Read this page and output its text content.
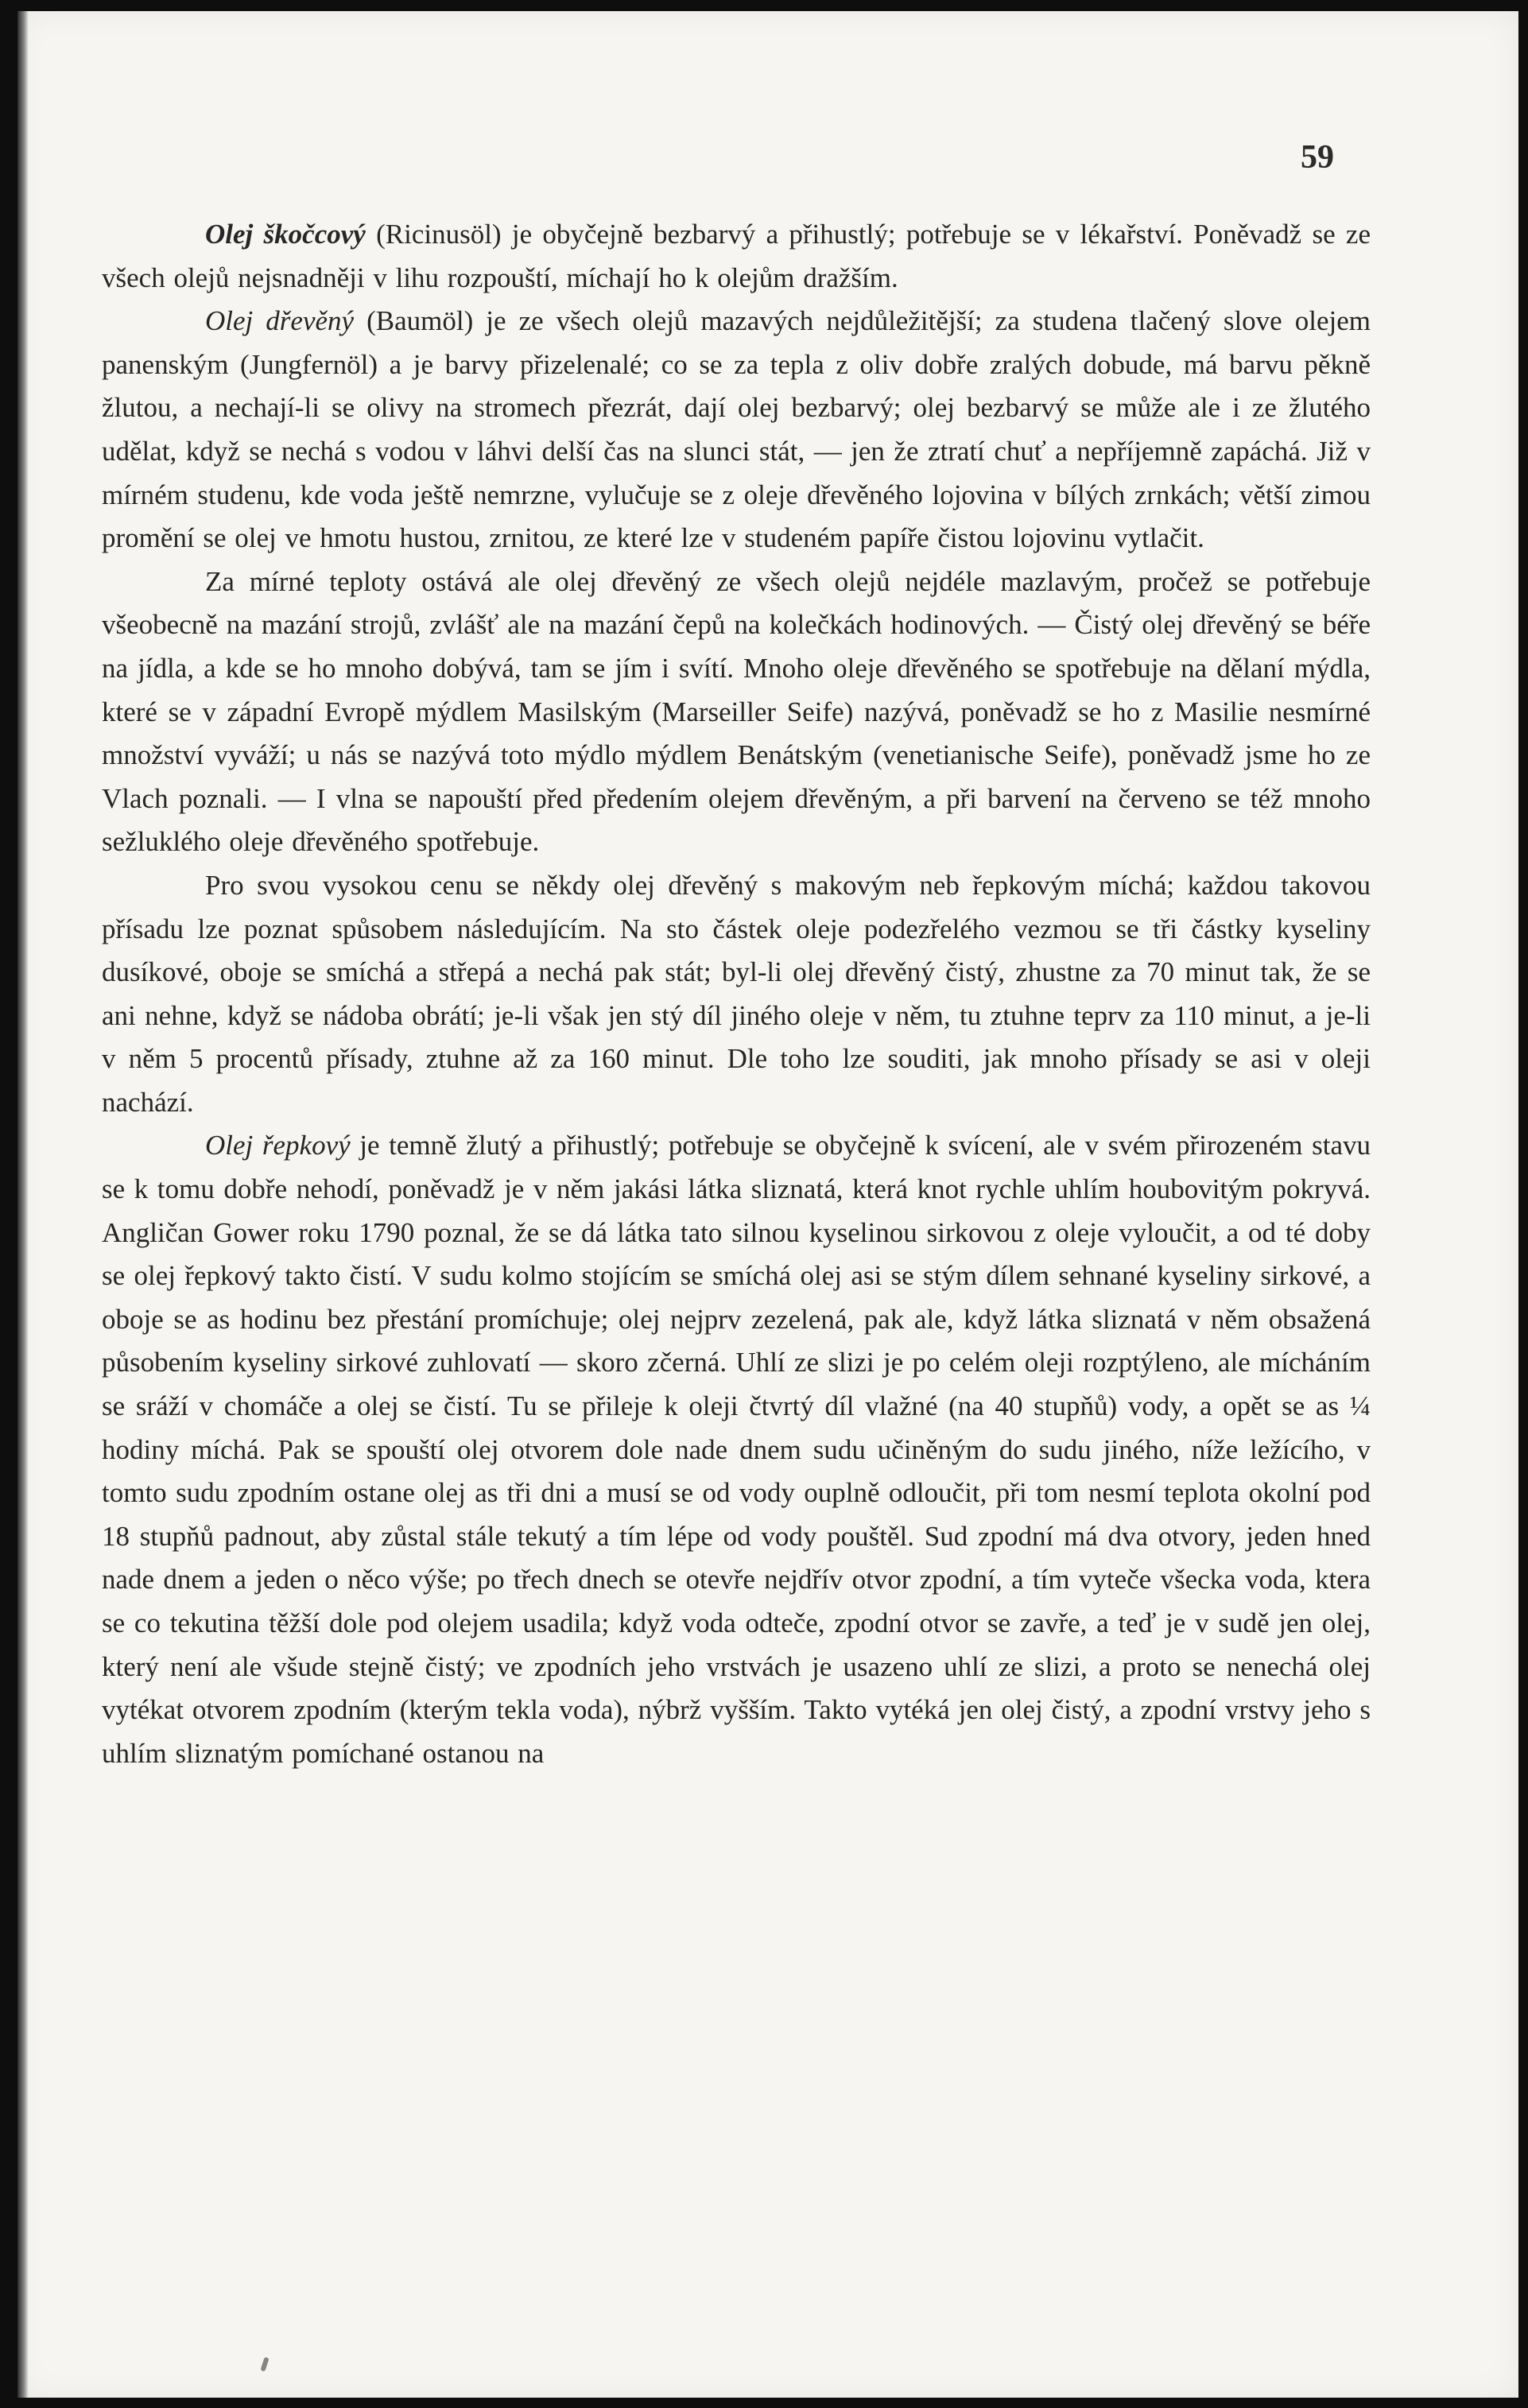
59

Olej škočcový (Ricinusöl) je obyčejně bezbarvý a přihustlý; potřebuje se v lékařství. Poněvadž se ze všech olejů nejsnadněji v lihu rozpouští, míchají ho k olejům dražším.

Olej dřevěný (Baumöl) je ze všech olejů mazavých nejdůležitější; za studena tlačený slove olejem panenským (Jungfernöl) a je barvy přizelenalé; co se za tepla z oliv dobře zralých dobude, má barvu pěkně žlutou, a nechají-li se olivy na stromech přezrát, dají olej bezbarvý; olej bezbarvý se může ale i ze žlutého udělat, když se nechá s vodou v láhvi delší čas na slunci stát, — jen že ztratí chuť a nepříjemně zapáchá. Již v mírném studenu, kde voda ještě nemrzne, vylučuje se z oleje dřevěného lojovina v bílých zrnkách; větší zimou promění se olej ve hmotu hustou, zrnitou, ze které lze v studeném papíře čistou lojovinu vytlačit.

Za mírné teploty ostává ale olej dřevěný ze všech olejů nejdéle mazlavým, pročež se potřebuje všeobecně na mazání strojů, zvlášť ale na mazání čepů na kolečkách hodinových. — Čistý olej dřevěný se béře na jídla, a kde se ho mnoho dobývá, tam se jím i svítí. Mnoho oleje dřevěného se spotřebuje na dělaní mýdla, které se v západní Evropě mýdlem Masilským (Marseiller Seife) nazývá, poněvadž se ho z Masilie nesmírné množství vyváží; u nás se nazývá toto mýdlo mýdlem Benátským (venetianische Seife), poněvadž jsme ho ze Vlach poznali. — I vlna se napouští před předením olejem dřevěným, a při barvení na červeno se též mnoho sežluklého oleje dřevěného spotřebuje.

Pro svou vysokou cenu se někdy olej dřevěný s makovým neb řepkovým míchá; každou takovou přísadu lze poznat spůsobem následujícím. Na sto částek oleje podezřelého vezmou se tři částky kyseliny dusíkové, oboje se smíchá a střepá a nechá pak stát; byl-li olej dřevěný čistý, zhustne za 70 minut tak, že se ani nehne, když se nádoba obrátí; je-li však jen stý díl jiného oleje v něm, tu ztuhne teprv za 110 minut, a je-li v něm 5 procentů přísady, ztuhne až za 160 minut. Dle toho lze souditi, jak mnoho přísady se asi v oleji nachází.

Olej řepkový je temně žlutý a přihustlý; potřebuje se obyčejně k svícení, ale v svém přirozeném stavu se k tomu dobře nehodí, poněvadž je v něm jakási látka sliznatá, která knot rychle uhlím houbovitým pokryvá. Angličan Gower roku 1790 poznal, že se dá látka tato silnou kyselinou sirkovou z oleje vyloučit, a od té doby se olej řepkový takto čistí. V sudu kolmo stojícím se smíchá olej asi se stým dílem sehnané kyseliny sirkové, a oboje se as hodinu bez přestání promíchuje; olej nejprv zezelená, pak ale, když látka sliznatá v něm obsažená působením kyseliny sirkové zuhlovatí — skoro zčerná. Uhlí ze slizi je po celém oleji rozptýleno, ale mícháním se sráží v chomáče a olej se čistí. Tu se přileje k oleji čtvrtý díl vlažné (na 40 stupňů) vody, a opět se as ¼ hodiny míchá. Pak se spouští olej otvorem dole nade dnem sudu učiněným do sudu jiného, níže ležícího, v tomto sudu zpodním ostane olej as tři dni a musí se od vody ouplně odloučit, při tom nesmí teplota okolní pod 18 stupňů padnout, aby zůstal stále tekutý a tím lépe od vody pouštěl. Sud zpodní má dva otvory, jeden hned nade dnem a jeden o něco výše; po třech dnech se otevře nejdřív otvor zpodní, a tím vyteče všecka voda, ktera se co tekutina těžší dole pod olejem usadila; když voda odteče, zpodní otvor se zavře, a teď je v sudě jen olej, který není ale všude stejně čistý; ve zpodních jeho vrstvách je usazeno uhlí ze slizi, a proto se nenechá olej vytékat otvorem zpodním (kterým tekla voda), nýbrž vyšším. Takto vytéká jen olej čistý, a zpodní vrstvy jeho s uhlím sliznatým pomíchané ostanou na
